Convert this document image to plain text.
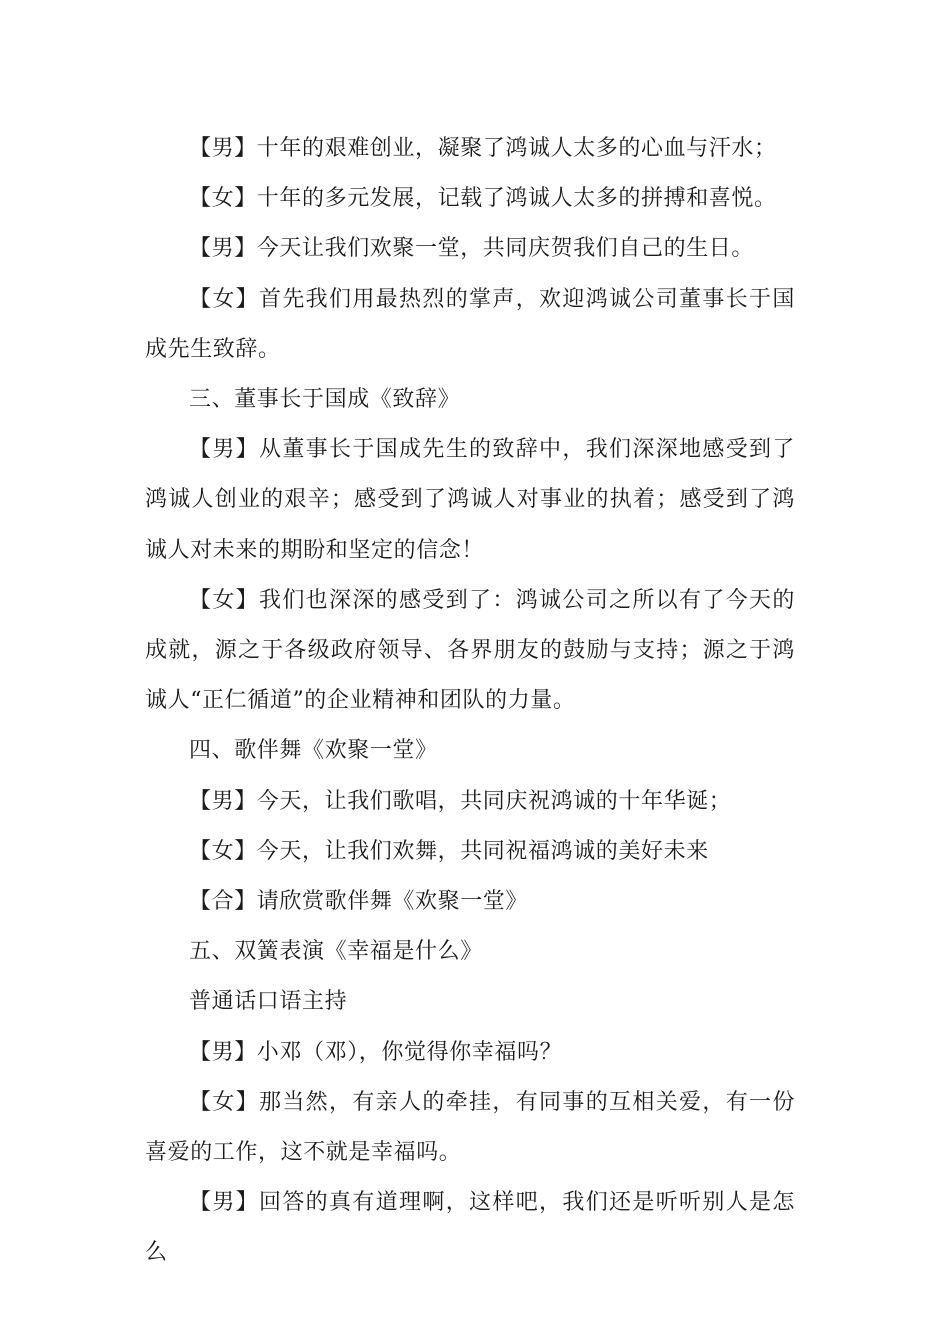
【男】十年的艰难创业，凝聚了鸿诚人太多的心血与汗水；

【女】十年的多元发展，记载了鸿诚人太多的拼搏和喜悦。

【男】今天让我们欢聚一堂，共同庆贺我们自己的生日。

【女】首先我们用最热烈的掌声，欢迎鸿诚公司董事长于国成先生致辞。

三、董事长于国成《致辞》

【男】从董事长于国成先生的致辞中，我们深深地感受到了鸿诚人创业的艰辛；感受到了鸿诚人对事业的执着；感受到了鸿诚人对未来的期盼和坚定的信念！

【女】我们也深深的感受到了：鸿诚公司之所以有了今天的成就，源之于各级政府领导、各界朋友的鼓励与支持；源之于鸿诚人“正仁循道”的企业精神和团队的力量。

四、歌伴舞《欢聚一堂》

【男】今天，让我们歌唱，共同庆祝鸿诚的十年华诞；

【女】今天，让我们欢舞，共同祝福鸿诚的美好未来

【合】请欣赏歌伴舞《欢聚一堂》

五、双簧表演《幸福是什么》

普通话口语主持

【男】小邓（邓），你觉得你幸福吗？

【女】那当然，有亲人的牵挂，有同事的互相关爱，有一份喜爱的工作，这不就是幸福吗。

【男】回答的真有道理啊，这样吧，我们还是听听别人是怎么
